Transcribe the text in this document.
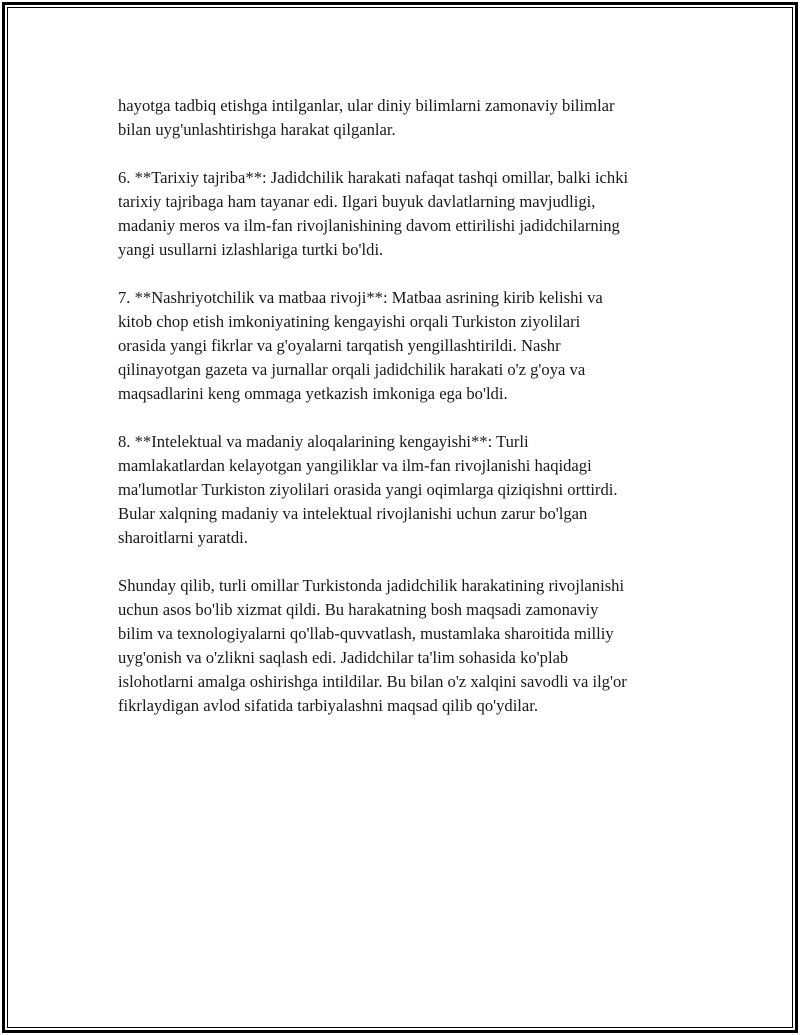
hayotga tadbiq etishga intilganlar, ular diniy bilimlarni zamonaviy bilimlar
bilan uyg'unlashtirishga harakat qilganlar.

6. **Tarixiy tajriba**: Jadidchilik harakati nafaqat tashqi omillar, balki ichki
tarixiy tajribaga ham tayanar edi. Ilgari buyuk davlatlarning mavjudligi,
madaniy meros va ilm-fan rivojlanishining davom ettirilishi jadidchilarning
yangi usullarni izlashlariga turtki bo'ldi.

7. **Nashriyotchilik va matbaa rivoji**: Matbaa asrining kirib kelishi va
kitob chop etish imkoniyatining kengayishi orqali Turkiston ziyolilari
orasida yangi fikrlar va g'oyalarni tarqatish yengillashtirildi. Nashr
qilinayotgan gazeta va jurnallar orqali jadidchilik harakati o'z g'oya va
maqsadlarini keng ommaga yetkazish imkoniga ega bo'ldi.

8. **Intelektual va madaniy aloqalarining kengayishi**: Turli
mamlakatlardan kelayotgan yangiliklar va ilm-fan rivojlanishi haqidagi
ma'lumotlar Turkiston ziyolilari orasida yangi oqimlarga qiziqishni orttirdi.
Bular xalqning madaniy va intelektual rivojlanishi uchun zarur bo'lgan
sharoitlarni yaratdi.

Shunday qilib, turli omillar Turkistonda jadidchilik harakatining rivojlanishi
uchun asos bo'lib xizmat qildi. Bu harakatning bosh maqsadi zamonaviy
bilim va texnologiyalarni qo'llab-quvvatlash, mustamlaka sharoitida milliy
uyg'onish va o'zlikni saqlash edi. Jadidchilar ta'lim sohasida ko'plab
islohotlarni amalga oshirishga intildilar. Bu bilan o'z xalqini savodli va ilg'or
fikrlaydigan avlod sifatida tarbiyalashni maqsad qilib qo'ydilar.
